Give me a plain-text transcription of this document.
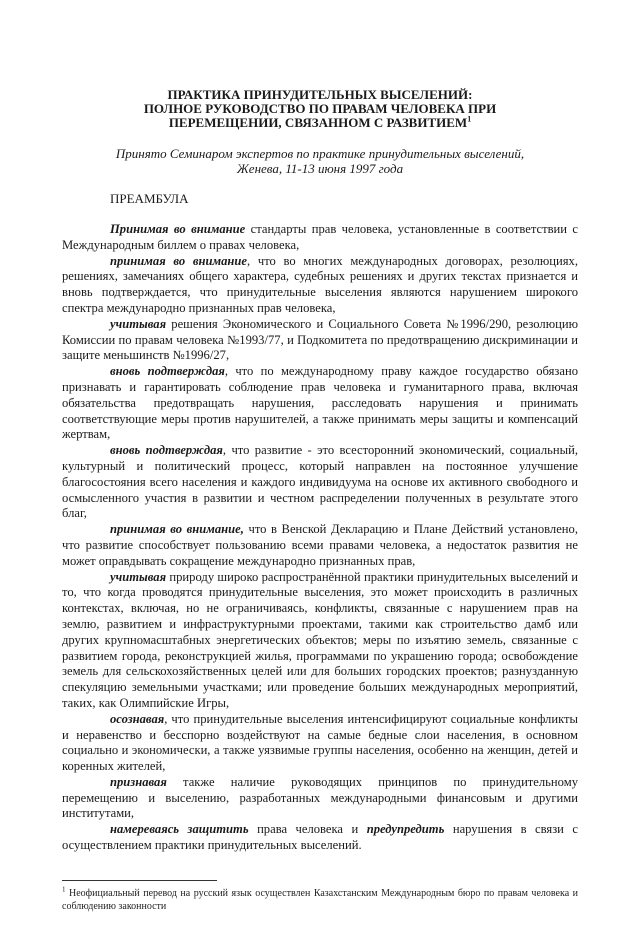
ПРАКТИКА ПРИНУДИТЕЛЬНЫХ ВЫСЕЛЕНИЙ:
ПОЛНОЕ РУКОВОДСТВО ПО ПРАВАМ ЧЕЛОВЕКА ПРИ
ПЕРЕМЕЩЕНИИ, СВЯЗАННОМ С РАЗВИТИЕМ$^1$
Принято Семинаром экспертов по практике принудительных выселений,
Женева, 11-13 июня 1997 года
ПРЕАМБУЛА

Принимая во внимание стандарты прав человека, установленные в соответствии с Международным биллем о правах человека,

принимая во внимание, что во многих международных договорах, резолюциях, решениях, замечаниях общего характера, судебных решениях и других текстах признается и вновь подтверждается, что принудительные выселения являются нарушением широкого спектра международно признанных прав человека,

учитывая решения Экономического и Социального Совета №1996/290, резолюцию Комиссии по правам человека №1993/77, и Подкомитета по предотвращению дискриминации и защите меньшинств №1996/27,

вновь подтверждая, что по международному праву каждое государство обязано признавать и гарантировать соблюдение прав человека и гуманитарного права, включая обязательства предотвращать нарушения, расследовать нарушения и принимать соответствующие меры против нарушителей, а также принимать меры защиты и компенсаций жертвам,

вновь подтверждая, что развитие - это всесторонний экономический, социальный, культурный и политический процесс, который направлен на постоянное улучшение благосостояния всего населения и каждого индивидуума на основе их активного свободного и осмысленного участия в развитии и честном распределении полученных в результате этого благ,

принимая во внимание, что в Венской Декларацию и Плане Действий установлено, что развитие способствует пользованию всеми правами человека, а недостаток развития не может оправдывать сокращение международно признанных прав,

учитывая природу широко распространённой практики принудительных выселений и то, что когда проводятся принудительные выселения, это может происходить в различных контекстах, включая, но не ограничиваясь, конфликты, связанные с нарушением прав на землю, развитием и инфраструктурными проектами, такими как строительство дамб или других крупномасштабных энергетических объектов; меры по изъятию земель, связанные с развитием города, реконструкцией жилья, программами по украшению города; освобождение земель для сельскохозяйственных целей или для больших городских проектов; разнузданную спекуляцию земельными участками; или проведение больших международных мероприятий, таких, как Олимпийские Игры,

осознавая, что принудительные выселения интенсифицируют социальные конфликты и неравенство и бесспорно воздействуют на самые бедные слои населения, в основном социально и экономически, а также уязвимые группы населения, особенно на женщин, детей и коренных жителей,

признавая также наличие руководящих принципов по принудительному перемещению и выселению, разработанных международными финансовым и другими институтами,

намереваясь защитить права человека и предупредить нарушения в связи с осуществлением практики принудительных выселений.

$^1$ Неофициальный перевод на русский язык осуществлен Казахстанским Международным бюро по правам человека и соблюдению законности
